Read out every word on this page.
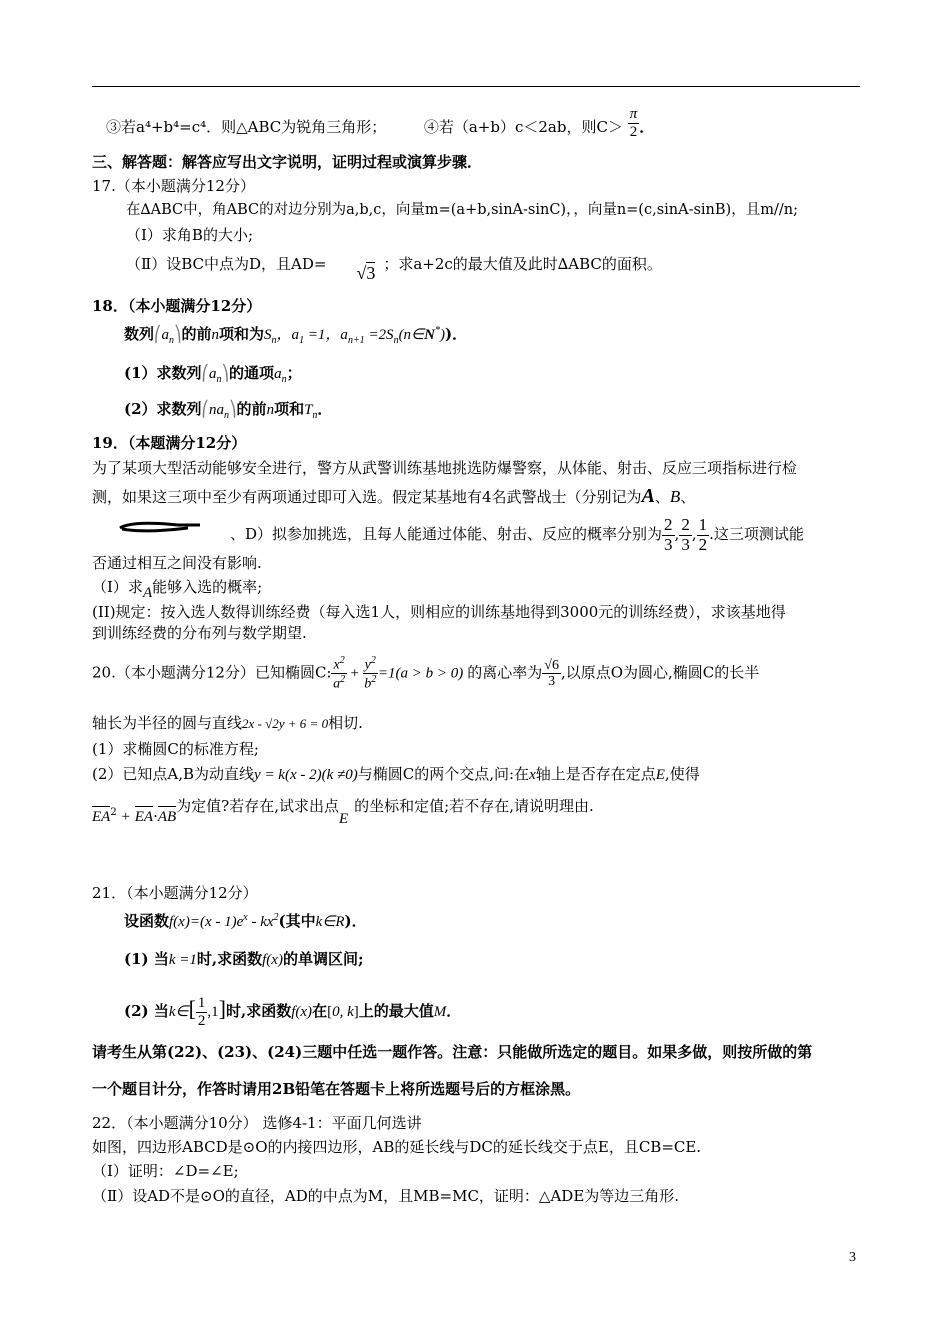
③若a⁴+b⁴=c⁴．则△ABC为锐角三角形；	④若（a+b）c＜2ab，则$C> \frac{\pi}{2}$ ．
三、解答题：解答应写出文字说明，证明过程或演算步骤．
17.（本小题满分12分）
在∆ABC中，角ABC的对边分别为a,b,c，向量m=(a+b,sinA-sinC)，，向量n=(c,sinA-sinB)，且m//n;
（Ⅰ）求角B的大小;
（Ⅱ）设BC中点为D，且AD= √3 ；求a+2c的最大值及此时∆ABC的面积。
18．（本小题满分12分）
数列$⎛a_n⎞$的前n项和为$S_n$，$a_1 =1$，$a_{n+1}$ $=2S_n(n\in N^*)$)．
(1）求数列$⎛a_n⎞$的通项$a_n$；
(2）求数列$⎛na_n⎞$的前n项和$T_n$．
19．（本题满分12分）
为了某项大型活动能够安全进行，警方从武警训练基地挑选防爆警察，从体能、射击、反应三项指标进行检
测，如果这三项中至少有两项通过即可入选。假定某基地有4名武警战士（分别记为A、B、
、D）拟参加挑选，且每人能通过体能、射击、反应的概率分别为 $\frac{2}{3}$ , $\frac{2}{3}$ , $\frac{1}{2}$ .这三项测试能
否通过相互之间没有影响.
（Ⅰ）求A能够入选的概率;
(II)规定：按入选人数得训练经费（每入选1人，则相应的训练基地得到3000元的训练经费），求该基地得
到训练经费的分布列与数学期望.
20.（本小题满分12分）已知椭圆C: $\frac{x^2}{a^2} + \frac{y^2}{b^2} =1(a > b > 0)$ 的离心率为 $\frac{√6}{3}$ ,以原点O为圆心,椭圆C的长半
轴长为半径的圆与直线2x - √2y + 6 = 0相切.
(1）求椭圆C的标准方程;
(2）已知点A,B为动直线y = k(x - 2)(k ≠0)与椭圆C的两个交点,问:在x轴上是否存在定点E,使得
$EA^2 + EA\cdot AB$为定值?若存在,试求出点E的坐标和定值;若不存在,请说明理由.
21．（本小题满分12分）
设函数$f(x)=(x - 1)e^x - kx^2$(其中k∈R)．
(1) 当k =1时,求函数f(x)的单调区间;
(2) 当k∈[ $\frac{1}{2} ,1$]时,求函数f(x)在[0, k]上的最大值M．
请考生从第(22)、(23)、(24)三题中任选一题作答。注意：只能做所选定的题目。如果多做，则按所做的第
一个题目计分，作答时请用2B铅笔在答题卡上将所选题号后的方框涂黑。
22．（本小题满分10分） 选修4-1：平面几何选讲
如图，四边形ABCD是⊙O的内接四边形，AB的延长线与DC的延长线交于点E，且CB=CE.
（Ⅰ）证明：∠D=∠E;
（Ⅱ）设AD不是⊙O的直径，AD的中点为M，且MB=MC，证明：△ADE为等边三角形.
3
